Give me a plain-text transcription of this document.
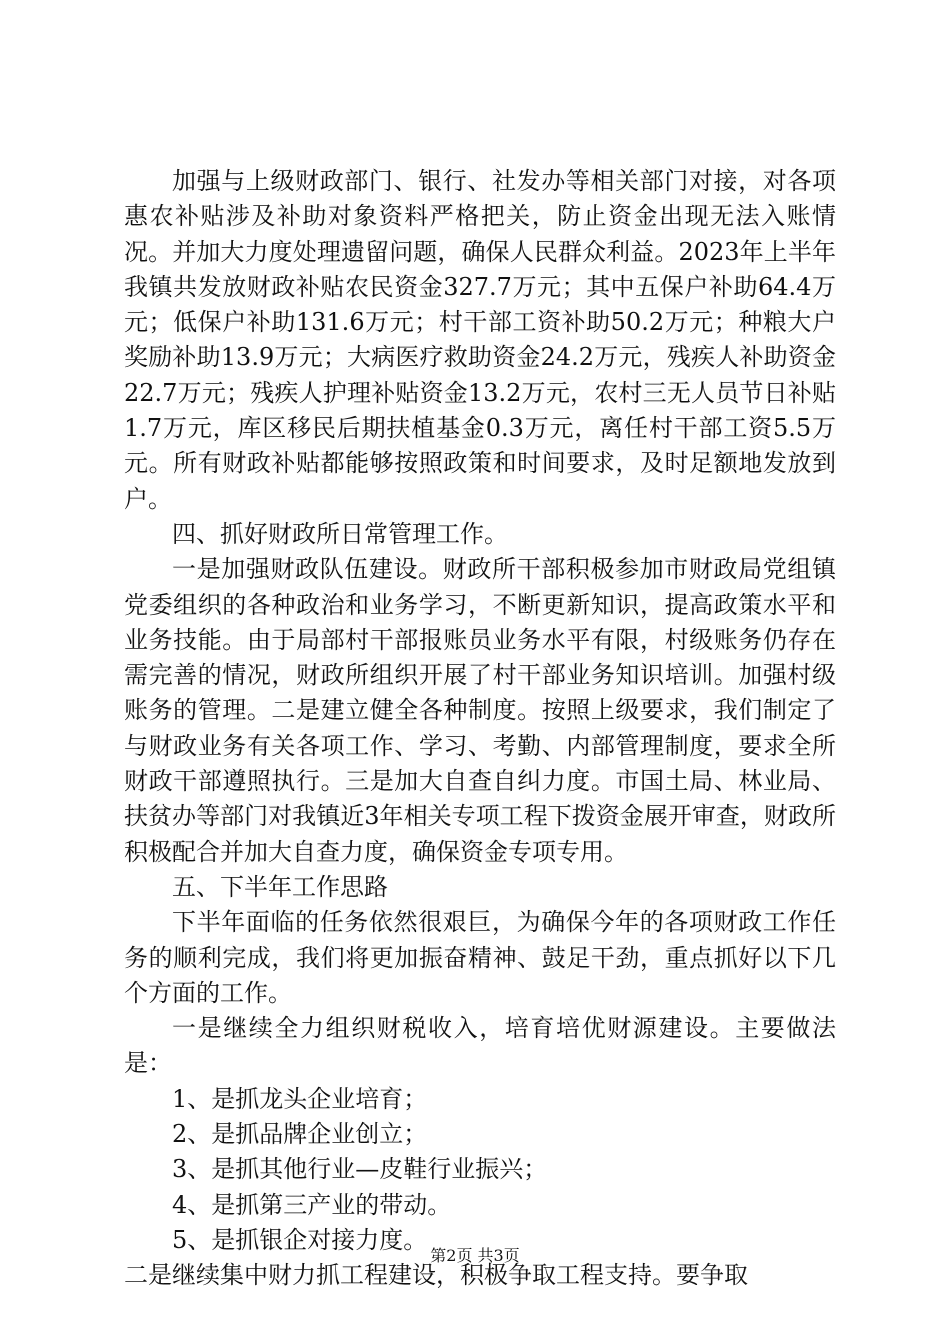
加强与上级财政部门、银行、社发办等相关部门对接，对各项惠农补贴涉及补助对象资料严格把关，防止资金出现无法入账情况。并加大力度处理遗留问题，确保人民群众利益。2023年上半年我镇共发放财政补贴农民资金327.7万元；其中五保户补助64.4万元；低保户补助131.6万元；村干部工资补助50.2万元；种粮大户奖励补助13.9万元；大病医疗救助资金24.2万元，残疾人补助资金22.7万元；残疾人护理补贴资金13.2万元，农村三无人员节日补贴1.7万元，库区移民后期扶植基金0.3万元，离任村干部工资5.5万元。所有财政补贴都能够按照政策和时间要求，及时足额地发放到户。

四、抓好财政所日常管理工作。

一是加强财政队伍建设。财政所干部积极参加市财政局党组镇党委组织的各种政治和业务学习，不断更新知识，提高政策水平和业务技能。由于局部村干部报账员业务水平有限，村级账务仍存在需完善的情况，财政所组织开展了村干部业务知识培训。加强村级账务的管理。二是建立健全各种制度。按照上级要求，我们制定了与财政业务有关各项工作、学习、考勤、内部管理制度，要求全所财政干部遵照执行。三是加大自查自纠力度。市国土局、林业局、扶贫办等部门对我镇近3年相关专项工程下拨资金展开审查，财政所积极配合并加大自查力度，确保资金专项专用。

五、下半年工作思路

下半年面临的任务依然很艰巨，为确保今年的各项财政工作任务的顺利完成，我们将更加振奋精神、鼓足干劲，重点抓好以下几个方面的工作。

一是继续全力组织财税收入，培育培优财源建设。主要做法是：

1、是抓龙头企业培育；

2、是抓品牌企业创立；

3、是抓其他行业—皮鞋行业振兴；

4、是抓第三产业的带动。

5、是抓银企对接力度。

二是继续集中财力抓工程建设，积极争取工程支持。要争取

第2页 共3页
